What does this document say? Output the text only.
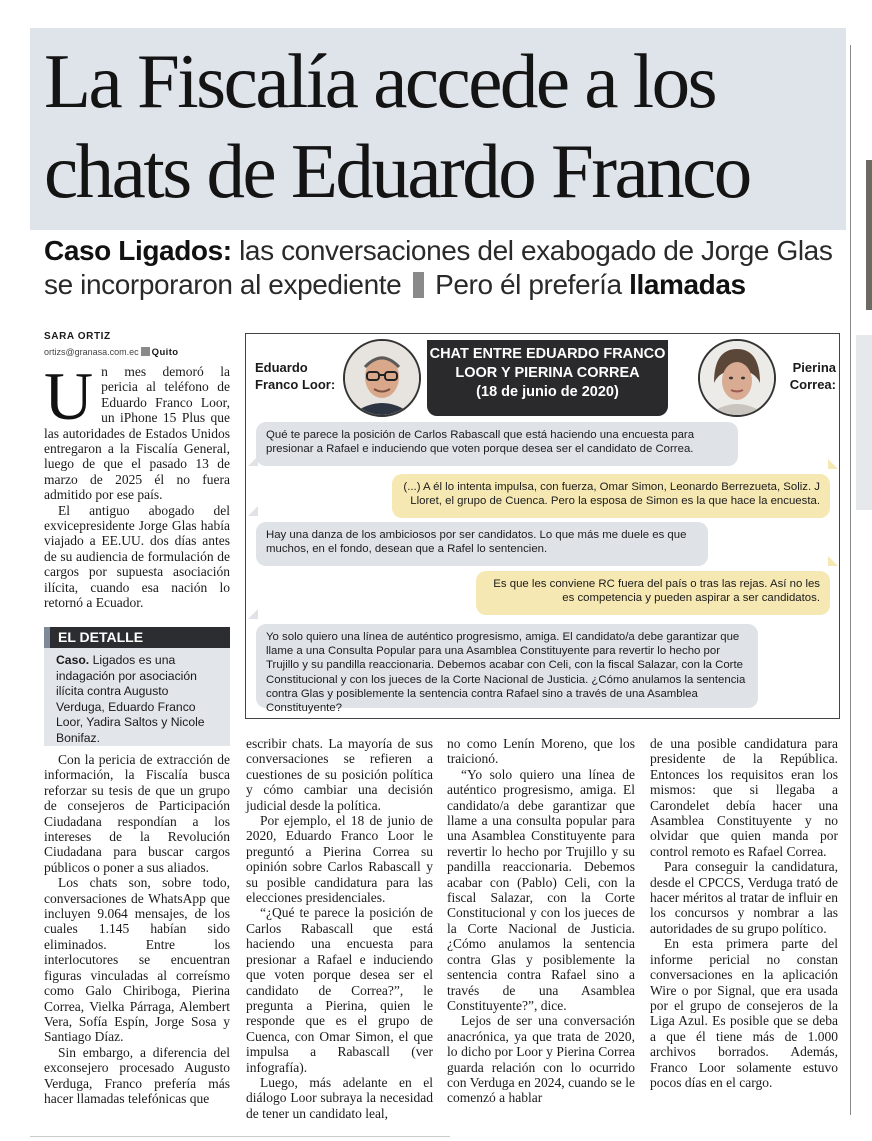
La Fiscalía accede a los chats de Eduardo Franco

Caso Ligados: las conversaciones del exabogado de Jorge Glas se incorporaron al expediente  Pero él prefería llamadas

SARA ORTIZ
ortizs@granasa.com.ec Quito
U n mes demoró la pericia al teléfono de Eduardo Franco Loor, un iPhone 15 Plus que las autoridades de Estados Unidos entregaron a la Fiscalía General, luego de que el pasado 13 de marzo de 2025 él no fuera admitido por ese país.

El antiguo abogado del exvicepresidente Jorge Glas había viajado a EE.UU. dos días antes de su audiencia de formulación de cargos por supuesta asociación ilícita, cuando esa nación lo retornó a Ecuador.

EL DETALLE
Caso. Ligados es una indagación por asociación ilícita contra Augusto Verduga, Eduardo Franco Loor, Yadira Saltos y Nicole Bonifaz.

Con la pericia de extracción de información, la Fiscalía busca reforzar su tesis de que un grupo de consejeros de Participación Ciudadana respondían a los intereses de la Revolución Ciudadana para buscar cargos públicos o poner a sus aliados.

Los chats son, sobre todo, conversaciones de WhatsApp que incluyen 9.064 mensajes, de los cuales 1.145 habían sido eliminados. Entre los interlocutores se encuentran figuras vinculadas al correísmo como Galo Chiriboga, Pierina Correa, Vielka Párraga, Alembert Vera, Sofía Espín, Jorge Sosa y Santiago Díaz.

Sin embargo, a diferencia del exconsejero procesado Augusto Verduga, Franco prefería más hacer llamadas telefónicas que

escribir chats. La mayoría de sus conversaciones se refieren a cuestiones de su posición política y cómo cambiar una decisión judicial desde la política.

Por ejemplo, el 18 de junio de 2020, Eduardo Franco Loor le preguntó a Pierina Correa su opinión sobre Carlos Rabascall y su posible candidatura para las elecciones presidenciales.

“¿Qué te parece la posición de Carlos Rabascall que está haciendo una encuesta para presionar a Rafael e induciendo que voten porque desea ser el candidato de Correa?”, le pregunta a Pierina, quien le responde que es el grupo de Cuenca, con Omar Simon, el que impulsa a Rabascall (ver infografía).

Luego, más adelante en el diálogo Loor subraya la necesidad de tener un candidato leal,

no como Lenín Moreno, que los traicionó.

“Yo solo quiero una línea de auténtico progresismo, amiga. El candidato/a debe garantizar que llame a una consulta popular para una Asamblea Constituyente para revertir lo hecho por Trujillo y su pandilla reaccionaria. Debemos acabar con (Pablo) Celi, con la fiscal Salazar, con la Corte Constitucional y con los jueces de la Corte Nacional de Justicia. ¿Cómo anulamos la sentencia contra Glas y posiblemente la sentencia contra Rafael sino a través de una Asamblea Constituyente?”, dice.

Lejos de ser una conversación anacrónica, ya que trata de 2020, lo dicho por Loor y Pierina Correa guarda relación con lo ocurrido con Verduga en 2024, cuando se le comenzó a hablar

de una posible candidatura para presidente de la República. Entonces los requisitos eran los mismos: que si llegaba a Carondelet debía hacer una Asamblea Constituyente y no olvidar que quien manda por control remoto es Rafael Correa.

Para conseguir la candidatura, desde el CPCCS, Verduga trató de hacer méritos al tratar de influir en los concursos y nombrar a las autoridades de su grupo político.

En esta primera parte del informe pericial no constan conversaciones en la aplicación Wire o por Signal, que era usada por el grupo de consejeros de la Liga Azul. Es posible que se deba a que él tiene más de 1.000 archivos borrados. Además, Franco Loor solamente estuvo pocos días en el cargo.

Eduardo
Franco Loor:
CHAT ENTRE EDUARDO FRANCO
LOOR Y PIERINA CORREA
(18 de junio de 2020)
Pierina
Correa:
Qué te parece la posición de Carlos Rabascall que está haciendo una encuesta para presionar a Rafael e induciendo que voten porque desea ser el candidato de Correa.
(...) A él lo intenta impulsa, con fuerza, Omar Simon, Leonardo Berrezueta, Soliz. J Lloret, el grupo de Cuenca. Pero la esposa de Simon es la que hace la encuesta.
Hay una danza de los ambiciosos por ser candidatos. Lo que más me duele es que muchos, en el fondo, desean que a Rafel lo sentencien.
Es que les conviene RC fuera del país o tras las rejas. Así no les es competencia y pueden aspirar a ser candidatos.
Yo solo quiero una línea de auténtico progresismo, amiga. El candidato/a debe garantizar que llame a una Consulta Popular para una Asamblea Constituyente para revertir lo hecho por Trujillo y su pandilla reaccionaria. Debemos acabar con Celi, con la fiscal Salazar, con la Corte Constitucional y con los jueces de la Corte Nacional de Justicia. ¿Cómo anulamos la sentencia contra Glas y posiblemente la sentencia contra Rafael sino a través de una Asamblea Constituyente?
